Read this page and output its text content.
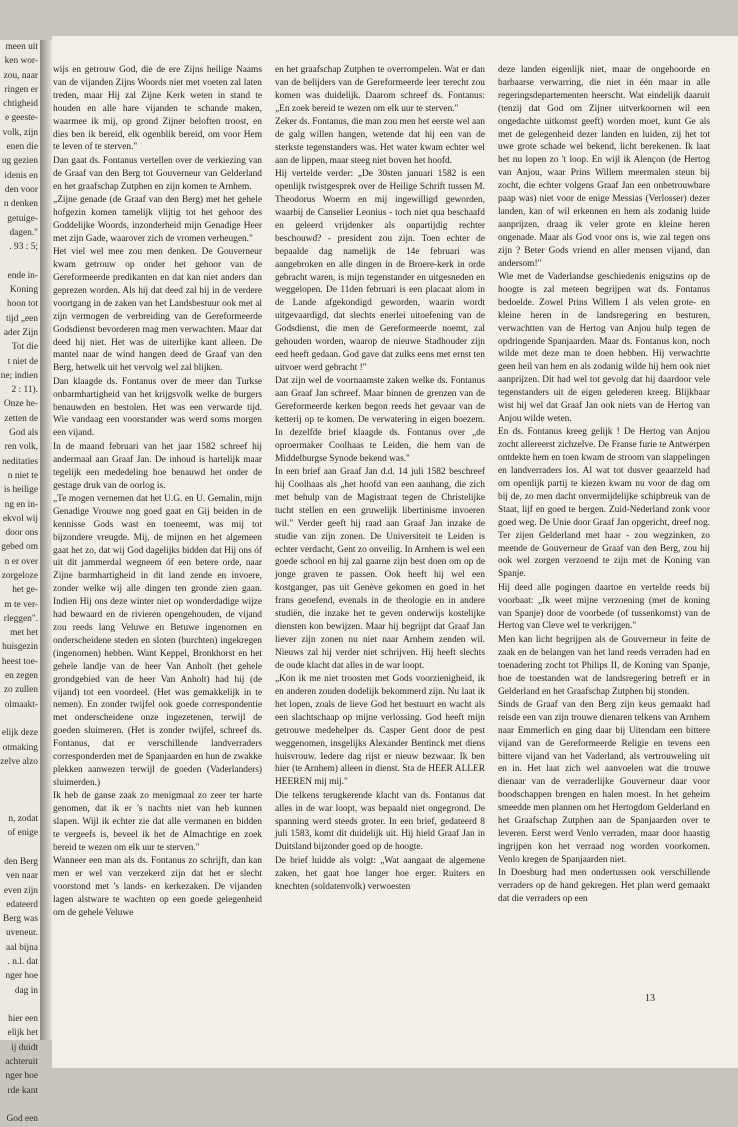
meen uit
ken wor-
zou, naar
ringen er
chtigheid
e geeste-
volk, zijn
enen die
ug gezien
idenis en
den voor
n denken
getuige-
dagen."
. 93 : 5;

ende in-
Koning
hoon tot
tijd „een
ader Zijn
Tot die
t niet de
ne; indien
2 : 11).
Onze he-
zetten de
God als
ren volk,
neditaties
n niet te
is heilige
ng en in-
ekvol wij
door ons
gebed om
n er over
zorgeloze
het ge-
m te ver-
rleggen".
met het
huisgezin
heest toe-
en zegen
zo zullen
olmaakt-

elijk deze
otmaking
zelve alzo

n, zodat
of enige

den Berg
ven naar
even zijn
edateerd
Berg was
uveneur.
aal bijna
. n.l. dat
nger hoe
dag in

hier een
elijk het
ij duidt
achteruit
nger hoe
rde kant

God een

wijs en getrouw God, die de ere Zijns heilige Naams van de vijanden Zijns Woords niet met voeten zal laten treden, maar Hij zal Zijne Kerk weten in stand te houden en alle hare vijanden te schande maken, waarmee ik mij, op grond Zijner beloften troost, en dies ben ik bereid, elk ogenblik bereid, om voor Hem te leven of te sterven."

Dan gaat ds. Fontanus vertellen over de verkiezing van de Graaf van den Berg tot Gouverneur van Gelderland en het graafschap Zutphen en zijn komen te Arnhem.

„Zijne genade (de Graaf van den Berg) met het gehele hofgezin komen tamelijk vlijtig tot het gehoor des Goddelijke Woords, inzonderheid mijn Genadige Heer met zijn Gade, waarover zich de vromen verheugen."

Het viel wel mee zou men denken. De Gouverneur kwam getrouw op onder het gehoor van de Gereformeerde predikanten en dat kan niet anders dan geprezen worden. Als hij dat deed zal hij in de verdere voortgang in de zaken van het Landsbestuur ook met al zijn vermogen de verbreiding van de Gereformeerde Godsdienst bevorderen mag men verwachten. Maar dat deed hij niet. Het was de uiterlijke kant alleen. De mantel naar de wind hangen deed de Graaf van den Berg, hetwelk uit het vervolg wel zal blijken.

Dan klaagde ds. Fontanus over de meer dan Turkse onbarmhartigheid van het krijgsvolk welke de burgers benauwden en bestolen. Het was een verwarde tijd. Wie vandaag een voorstander was werd soms morgen een vijand.

In de maand februari van het jaar 1582 schreef hij andermaal aan Graaf Jan. De inhoud is hartelijk maar tegelijk een mededeling hoe benauwd het onder de gestage druk van de oorlog is.

„Te mogen vernemen dat het U.G. en U. Gemalin, mijn Genadige Vrouwe nog goed gaat en Gij beiden in de kennisse Gods wast en toeneemt, was mij tot bijzondere vreugde. Mij, de mijnen en het algemeen gaat het zo, dat wij God dagelijks bidden dat Hij ons óf uit dit jammerdal wegneem óf een betere orde, naar Zijne barmhartigheid in dit land zende en invoere, zonder welke wij alle dingen ten gronde zien gaan. Indien Hij ons deze winter niet op wonderdadige wijze had bewaard en de rivieren opengehouden, de vijand zou reeds lang Veluwe en Betuwe ingenomen en onderscheidene steden en sloten (burchten) ingekregen (ingenomen) hebben. Want Keppel, Bronkhorst en het gehele landje van de heer Van Anholt (het gehele grondgebied van de heer Van Anholt) had hij (de vijand) tot een voordeel. (Het was gemakkelijk in te nemen). En zonder twijfel ook goede correspondentie met onderscheidene onze ingezetenen, terwijl de goeden sluimeren. (Het is zonder twijfel, schreef ds. Fontanus, dat er verschillende landverraders corresponderden met de Spanjaarden en hun de zwakke plekken aanwezen terwijl de goeden (Vaderlanders) sluimerden.)

Ik heb de ganse zaak zo menigmaal zo zeer ter harte genomen, dat ik er 's nachts niet van heb kunnen slapen. Wijl ik echter zie dat alle vermanen en bidden te vergeefs is, beveel ik het de Almachtige en zoek bereid te wezen om elk uur te sterven."

Wanneer een man als ds. Fontanus zo schrijft, dan kan men er wel van verzekerd zijn dat het er slecht voorstond met 's lands- en kerkezaken. De vijanden lagen alstware te wachten op een goede gelegenheid om de gehele Veluwe

en het graafschap Zutphen te overrompelen. Wat er dan van de belijders van de Gereformeerde leer terecht zou komen was duidelijk. Daarom schreef ds. Fontanus: „En zoek bereid te wezen om elk uur te sterven."

Zeker ds. Fontanus, die man zou men het eerste wel aan de galg willen hangen, wetende dat hij een van de sterkste tegenstanders was. Het water kwam echter wel aan de lippen, maar steeg niet boven het hoofd.

Hij vertelde verder: „De 30sten januari 1582 is een openlijk twistgesprek over de Heilige Schrift tussen M. Theodorus Woerm en mij ingewilligd geworden, waarbij de Canselier Leonius - toch niet qua beschaafd en geleerd vrijdenker als onpartijdig rechter beschouwd? - president zou zijn. Toen echter de bepaalde dag namelijk de 14e februari was aangebroken en alle dingen in de Broere-kerk in orde gebracht waren, is mijn tegenstander en uitgesneden en weggelopen. De 11den februari is een placaat alom in de Lande afgekondigd geworden, waarin wordt uitgevaardigd, dat slechts enerlei uitoefening van de Godsdienst, die men de Gereformeerde noemt, zal gehouden worden, waarop de nieuwe Stadhouder zijn eed heeft gedaan. God gave dat zulks eens met ernst ten uitvoer werd gebracht !"

Dat zijn wel de voornaamste zaken welke ds. Fontanus aan Graaf Jan schreef. Maar binnen de grenzen van de Gereformeerde kerken begon reeds het gevaar van de ketterij op te komen. De verwatering in eigen boezem. In dezelfde brief klaagde ds. Fontanus over „de oproermaker Coolhaas te Leiden, die hem van de Middelburgse Synode bekend was."

In een brief aan Graaf Jan d.d. 14 juli 1582 beschreef hij Coolhaas als „het hoofd van een aanhang, die zich met behulp van de Magistraat tegen de Christelijke tucht stellen en een gruwelijk libertinisme invoeren wil." Verder geeft hij raad aan Graaf Jan inzake de studie van zijn zonen. De Universiteit te Leiden is echter verdacht, Gent zo onveilig. In Arnhem is wel een goede school en hij zal gaarne zijn best doen om op de jonge graven te passen. Ook heeft hij wel een kostganger, pas uit Genève gekomen en goed in het frans geoefend, evenals in de theologie en in andere studiën, die inzake het te geven onderwijs kostelijke diensten kon bewijzen. Maar hij begrijpt dat Graaf Jan liever zijn zonen nu niet naar Arnhem zenden wil. Nieuws zal hij verder niet schrijven. Hij heeft slechts de oude klacht dat alles in de war loopt.

„Kon ik me niet troosten met Gods voorzienigheid, ik en anderen zouden dodelijk bekommerd zijn. Nu laat ik het lopen, zoals de lieve God het bestuurt en wacht als een slachtschaap op mijne verlossing. God heeft mijn getrouwe medehelper ds. Casper Gent door de pest weggenomen, insgelijks Alexander Bentinck met diens huisvrouw. Iedere dag rijst er nieuw bezwaar. Ik ben hier (te Arnhem) alleen in dienst. Sta de HEER ALLER HEEREN mij mij."

Die telkens terugkerende klacht van ds. Fontanus dat alles in de war loopt, was bepaald niet ongegrond. De spanning werd steeds groter. In een brief, gedateerd 8 juli 1583, komt dit duidelijk uit. Hij hield Graaf Jan in Duitsland bijzonder goed op de hoogte.

De brief luidde als volgt: „Wat aangaat de algemene zaken, het gaat hoe langer hoe erger. Ruiters en knechten (soldatenvolk) verwoesten

deze landen eigenlijk niet, maar de ongehoorde en barbaarse verwarring, die niet in één maar in alle regeringsdepartementen heerscht. Wat eindelijk daaruit (tenzij dat God om Zijner uitverkoornen wil een ongedachte uitkomst geeft) worden moet, kunt Ge als met de gelegenheid dezer landen en luiden, zij het tot uwe grote schade wel bekend, licht berekenen. Ik laat het nu lopen zo 't loop. En wijl ik Alençon (de Hertog van Anjou, waar Prins Willem meermalen steun bij zocht, die echter volgens Graaf Jan een onbetrouwbare paap was) niet voor de enige Messias (Verlosser) dezer landen, kan of wil erkennen en hem als zodanig luide aanprijzen, draag ik veler grote en kleine heren ongenade. Maar als God voor ons is, wie zal tegen ons zijn ? Beter Gods vriend en aller mensen vijand, dan andersom!"

Wie met de Vaderlandse geschiedenis enigszins op de hoogte is zal meteen begrijpen wat ds. Fontanus bedoelde. Zowel Prins Willem I als velen grote- en kleine heren in de landsregering en besturen, verwachtten van de Hertog van Anjou hulp tegen de opdringende Spanjaarden. Maar ds. Fontanus kon, noch wilde met deze man te doen hebben. Hij verwachtte geen heil van hem en als zodanig wilde hij hem ook niet aanprijzen. Dit had wel tot gevolg dat hij daardoor vele tegenstanders uit de eigen gelederen kreeg. Blijkbaar wist hij wel dat Graaf Jan ook niets van de Hertog van Anjou wilde weten.

En ds. Fontanus kreeg gelijk ! De Hertog van Anjou zocht allereerst zichzelve. De Franse furie te Antwerpen ontdekte hem en toen kwam de stroom van slappelingen en landverraders los. Al wat tot dusver geaarzeld had om openlijk partij te kiezen kwam nu voor de dag om bij de, zo men dacht onvermijdelijke schipbreuk van de Staat, lijf en goed te bergen. Zuid-Nederland zonk voor goed weg. De Unie door Graaf Jan opgericht, dreef nog. Ter zijen Gelderland met haar - zou wegzinken, zo meende de Gouverneur de Graaf van den Berg, zou hij ook wel zorgen verzoend te zijn met de Koning van Spanje.

Hij deed alle pogingen daartoe en vertelde reeds bij voorbaat: „Ik weet mijne verzoening (met de koning van Spanje) door de voorbede (of tussenkomst) van de Hertog van Cleve wel te verkrijgen."

Men kan licht begrijpen als de Gouverneur in feite de zaak en de belangen van het land reeds verraden had en toenadering zocht tot Philips II, de Koning van Spanje, hoe de toestanden wat de landsregering betreft er in Gelderland en het Graafschap Zutphen bij stonden.

Sinds de Graaf van den Berg zijn keus gemaakt had reisde een van zijn trouwe dienaren telkens van Arnhem naar Emmerlich en ging daar bij Uitendam een bittere vijand van de Gereformeerde Religie en tevens een bittere vijand van het Vaderland, als vertrouweling uit en in. Het laat zich wel aanvoelen wat die trouwe dienaar van de verraderlijke Gouverneur daar voor boodschappen brengen en halen moest. In het geheim smeedde men plannen om het Hertogdom Gelderland en het Graafschap Zutphen aan de Spanjaarden over te leveren. Eerst werd Venlo verraden, maar door haastig ingrijpen kon het verraad nog worden voorkomen. Venlo kregen de Spanjaarden niet.

In Doesburg had men ondertussen ook verschillende verraders op de hand gekregen. Het plan werd gemaakt dat die verraders op een

13
